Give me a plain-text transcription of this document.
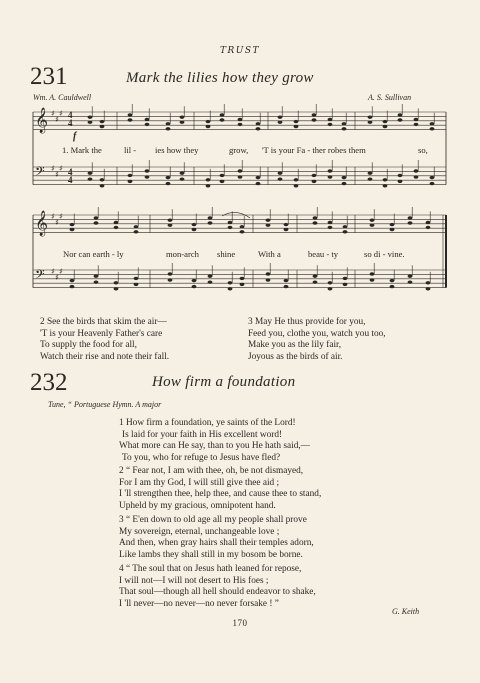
TRUST
231	Mark the lilies how they grow
Wm. A. Cauldwell	A. S. Sullivan
𝄞 ♯
♯
♯
𝄢 ♯
♯
♯
𝄞 ♯
♯
♯
𝄢 ♯
♯
♯
f
1. Mark the	lil - ies how they	grow, 'T is your Fa - ther robes them	so,
Nor can earth - ly	mon-arch shine	With a	beau - ty	so di - vine.
4
4
4
4
2 See the birds that skim the air—
'T is your Heavenly Father's care
To supply the food for all,
Watch their rise and note their fall.
3 May He thus provide for you,
Feed you, clothe you, watch you too,
Make you as the lily fair,
Joyous as the birds of air.
232	How firm a foundation
Tune, “ Portuguese Hymn. A major
1 How firm a foundation, ye saints of the Lord!
Is laid for your faith in His excellent word!
What more can He say, than to you He hath said,—
To you, who for refuge to Jesus have fled?
2 “ Fear not, I am with thee, oh, be not dismayed,
For I am thy God, I will still give thee aid ;
I 'll strengthen thee, help thee, and cause thee to stand,
Upheld by my gracious, omnipotent hand.
3 “ E'en down to old age all my people shall prove
My sovereign, eternal, unchangeable love ;
And then, when gray hairs shall their temples adorn,
Like lambs they shall still in my bosom be borne.
4 “ The soul that on Jesus hath leaned for repose,
I will not—I will not desert to His foes ;
That soul—though all hell should endeavor to shake,
I 'll never—no never—no never forsake ! ”
G. Keith
170
